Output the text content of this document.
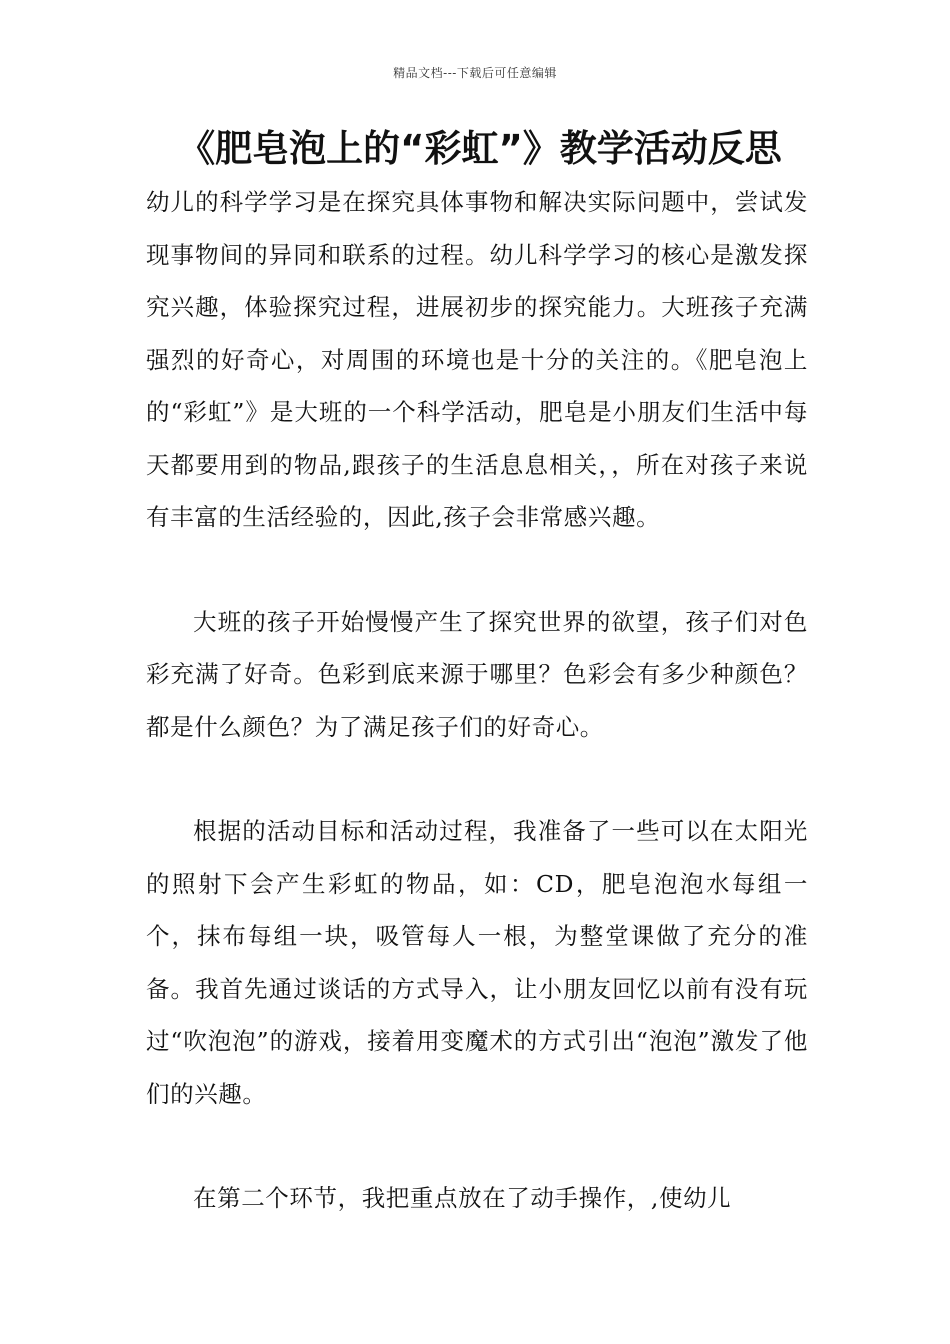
精品文档---下载后可任意编辑
《肥皂泡上的“彩虹”》教学活动反思

幼儿的科学学习是在探究具体事物和解决实际问题中，尝试发现事物间的异同和联系的过程。幼儿科学学习的核心是激发探究兴趣，体验探究过程，进展初步的探究能力。大班孩子充满强烈的好奇心，对周围的环境也是十分的关注的。《肥皂泡上的“彩虹”》是大班的一个科学活动，肥皂是小朋友们生活中每天都要用到的物品,跟孩子的生活息息相关，，所在对孩子来说有丰富的生活经验的，因此,孩子会非常感兴趣。

大班的孩子开始慢慢产生了探究世界的欲望，孩子们对色彩充满了好奇。色彩到底来源于哪里？色彩会有多少种颜色？都是什么颜色？为了满足孩子们的好奇心。

根据的活动目标和活动过程，我准备了一些可以在太阳光的照射下会产生彩虹的物品，如：CD，肥皂泡泡水每组一个，抹布每组一块，吸管每人一根，为整堂课做了充分的准备。我首先通过谈话的方式导入，让小朋友回忆以前有没有玩过“吹泡泡”的游戏，接着用变魔术的方式引出“泡泡”激发了他们的兴趣。

在第二个环节，我把重点放在了动手操作，,使幼儿
